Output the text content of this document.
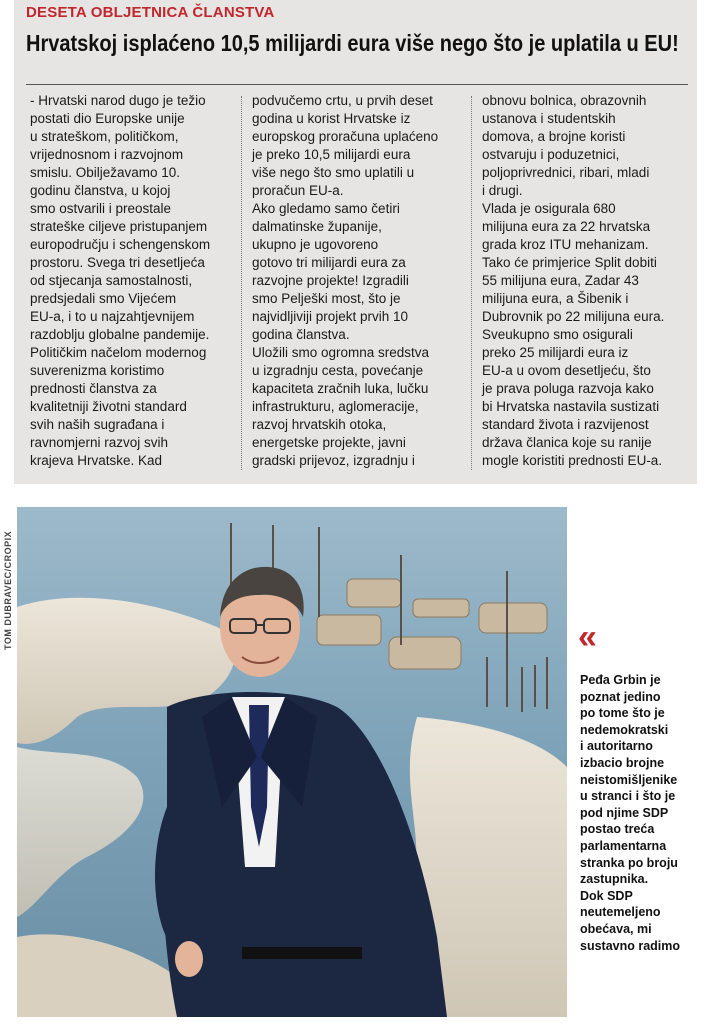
DESETA OBLJETNICA ČLANSTVA
Hrvatskoj isplaćeno 10,5 milijardi eura više nego što je uplatila u EU!
- Hrvatski narod dugo je težio
postati dio Europske unije
u strateškom, političkom,
vrijednosnom i razvojnom
smislu. Obilježavamo 10.
godinu članstva, u kojoj
smo ostvarili i preostale
strateške ciljeve pristupanjem
europodručju i schengenskom
prostoru. Svega tri desetljeća
od stjecanja samostalnosti,
predsjedali smo Vijećem
EU-a, i to u najzahtjevnijem
razdoblju globalne pandemije.
Političkim načelom modernog
suverenizma koristimo
prednosti članstva za
kvalitetniji životni standard
svih naših sugrađana i
ravnomjerni razvoj svih
krajeva Hrvatske. Kad
podvučemo crtu, u prvih deset
godina u korist Hrvatske iz
europskog proračuna uplaćeno
je preko 10,5 milijardi eura
više nego što smo uplatili u
proračun EU-a.
Ako gledamo samo četiri
dalmatinske županije,
ukupno je ugovoreno
gotovo tri milijardi eura za
razvojne projekte! Izgradili
smo Pelješki most, što je
najvidljiviji projekt prvih 10
godina članstva.
Uložili smo ogromna sredstva
u izgradnju cesta, povećanje
kapaciteta zračnih luka, lučku
infrastrukturu, aglomeracije,
razvoj hrvatskih otoka,
energetske projekte, javni
gradski prijevoz, izgradnju i
obnovu bolnica, obrazovnih
ustanova i studentskih
domova, a brojne koristi
ostvaruju i poduzetnici,
poljoprivrednici, ribari, mladi
i drugi.
Vlada je osigurala 680
milijuna eura za 22 hrvatska
grada kroz ITU mehanizam.
Tako će primjerice Split dobiti
55 milijuna eura, Zadar 43
milijuna eura, a Šibenik i
Dubrovnik po 22 milijuna eura.
Sveukupno smo osigurali
preko 25 milijardi eura iz
EU-a u ovom desetljeću, što
je prava poluga razvoja kako
bi Hrvatska nastavila sustizati
standard života i razvijenost
država članica koje su ranije
mogle koristiti prednosti EU-a.
TOM DUBRAVEC/CROPIX	«
Peđa Grbin je
poznat jedino
po tome što je
nedemokratski
i autoritarno
izbacio brojne
neistomišljenike
u stranci i što je
pod njime SDP
postao treća
parlamentarna
stranka po broju
zastupnika.
Dok SDP
neutemeljeno
obećava, mi
sustavno radimo
